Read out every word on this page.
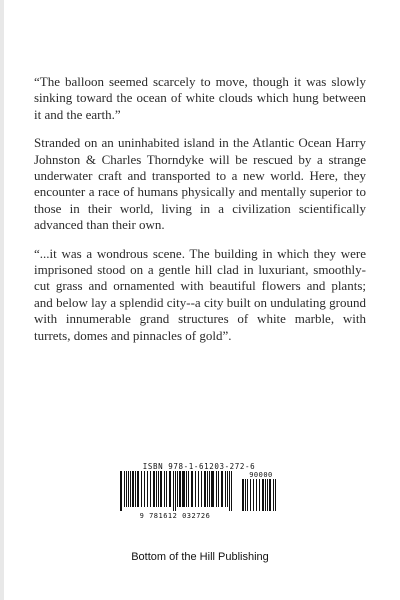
“The balloon seemed scarcely to move, though it was slowly sinking toward the ocean of white clouds which hung between it and the earth.”

Stranded on an uninhabited island in the Atlantic Ocean Harry Johnston & Charles Thorndyke will be rescued by a strange underwater craft and transported to a new world. Here, they encounter a race of humans physically and mentally superior to those in their world, living in a civilization scientifically advanced than their own.

“...it was a wondrous scene. The building in which they were imprisoned stood on a gentle hill clad in luxuriant, smoothly-cut grass and ornamented with beautiful flowers and plants; and below lay a splendid city--a city built on undulating ground with innumerable grand structures of white marble, with turrets, domes and pinnacles of gold”.

ISBN 978-1-61203-272-6
9 781612 032726
90000
Bottom of the Hill Publishing
